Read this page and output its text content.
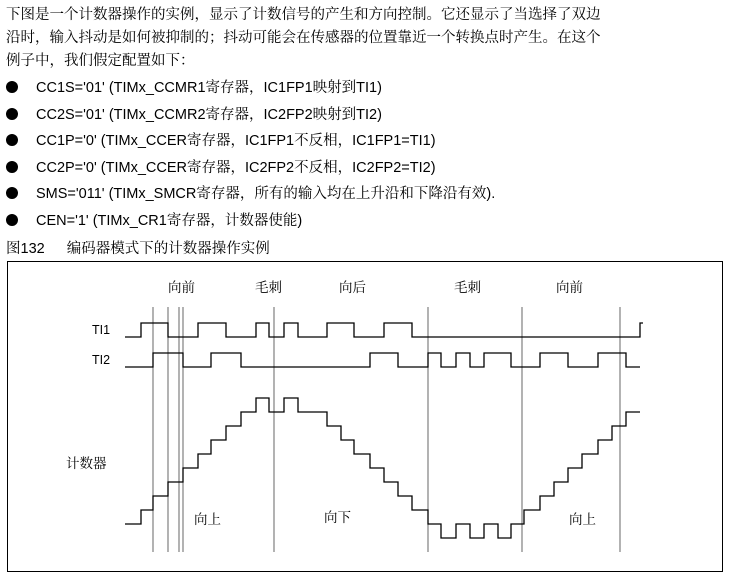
下图是一个计数器操作的实例，显示了计数信号的产生和方向控制。它还显示了当选择了双边

沿时，输入抖动是如何被抑制的；抖动可能会在传感器的位置靠近一个转换点时产生。在这个

例子中，我们假定配置如下：

CC1S='01' (TIMx_CCMR1寄存器，IC1FP1映射到TI1)
CC2S='01' (TIMx_CCMR2寄存器，IC2FP2映射到TI2)
CC1P='0' (TIMx_CCER寄存器，IC1FP1不反相，IC1FP1=TI1)
CC2P='0' (TIMx_CCER寄存器，IC2FP2不反相，IC2FP2=TI2)
SMS='011' (TIMx_SMCR寄存器，所有的输入均在上升沿和下降沿有效).
CEN='1' (TIMx_CR1寄存器，计数器使能)
图132 编码器模式下的计数器操作实例
向前	毛刺	向后	毛刺	向前
TI1
TI2
计数器
向上	向下	向上
